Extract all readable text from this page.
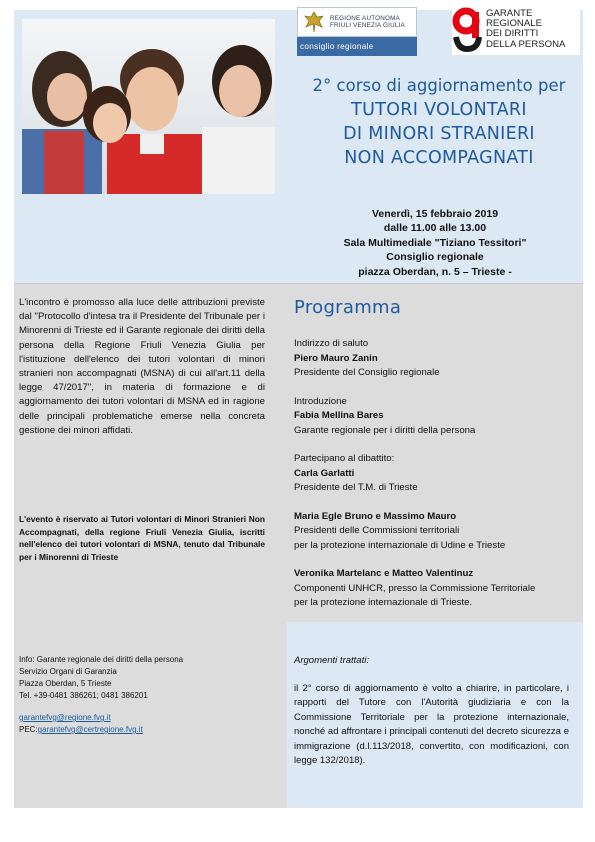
REGIONE AUTONOMA
FRIULI VENEZIA GIULIA
consiglio regionale
GARANTE
REGIONALE
DEI DIRITTI
DELLA PERSONA
2° corso di aggiornamento per
TUTORI VOLONTARI
DI MINORI STRANIERI
NON ACCOMPAGNATI
Venerdì, 15 febbraio 2019
dalle 11.00 alle 13.00
Sala Multimediale "Tiziano Tessitori"
Consiglio regionale
piazza Oberdan, n. 5 – Trieste -
L'incontro è promosso alla luce delle attribuzioni previste dal "Protocollo d'intesa tra il Presidente del Tribunale per i Minorenni di Trieste ed il Garante regionale dei diritti della persona della Regione Friuli Venezia Giulia per l'istituzione dell'elenco dei tutori volontari di minori stranieri non accompagnati (MSNA) di cui all'art.11 della legge 47/2017", in materia di formazione e di aggiornamento dei tutori volontari di MSNA ed in ragione delle principali problematiche emerse nella concreta gestione dei minori affidati.
L'evento è riservato ai Tutori volontari di Minori Stranieri Non Accompagnati, della regione Friuli Venezia Giulia, iscritti nell'elenco dei tutori volontari di MSNA, tenuto dal Tribunale per i Minorenni di Trieste
Info: Garante regionale dei diritti della persona
Servizio Organi di Garanzia
Piazza Oberdan, 5 Trieste
Tel. +39-0481 386261; 0481 386201
garantefvg@regione.fvg.it
PEC:garantefvg@certregione.fvg.it
Programma
Indirizzo di saluto
Piero Mauro Zanin
Presidente del Consiglio regionale
Introduzione
Fabia Mellina Bares
Garante regionale per i diritti della persona
Partecipano al dibattito:
Carla Garlatti
Presidente del T.M. di Trieste
Maria Egle Bruno e Massimo Mauro
Presidenti delle Commissioni territoriali
per la protezione internazionale di Udine e Trieste
Veronika Martelanc e Matteo Valentinuz
Componenti UNHCR, presso la Commissione Territoriale
per la protezione internazionale di Trieste.
Argomenti trattati:
il 2° corso di aggiornamento è volto a chiarire, in particolare, i rapporti del Tutore con l'Autorità giudiziaria e con la Commissione Territoriale per la protezione internazionale, nonché ad affrontare i principali contenuti del decreto sicurezza e immigrazione (d.l.113/2018, convertito, con modificazioni, con legge 132/2018).
